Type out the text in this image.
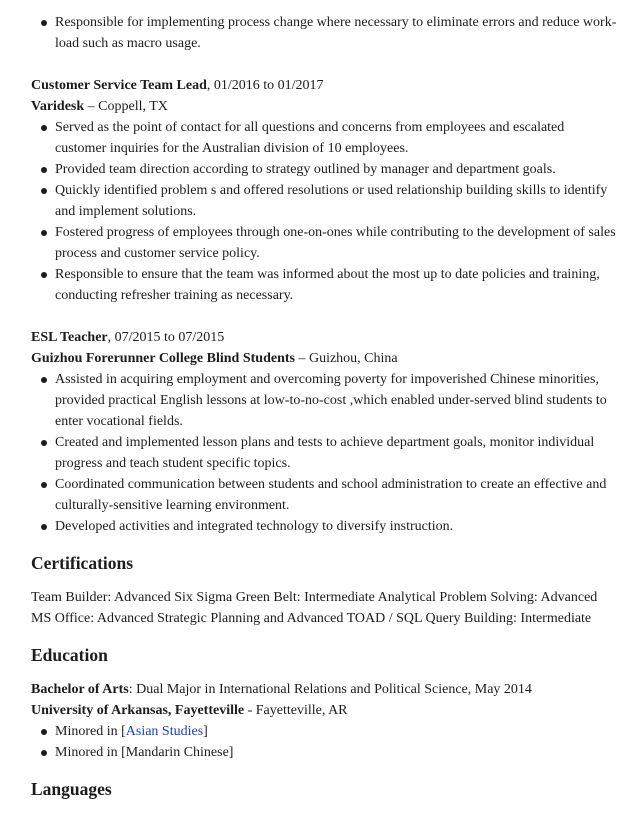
Responsible for implementing process change where necessary to eliminate errors and reduce work-load such as macro usage.
Customer Service Team Lead, 01/2016 to 01/2017
Varidesk – Coppell, TX
Served as the point of contact for all questions and concerns from employees and escalated customer inquiries for the Australian division of 10 employees.
Provided team direction according to strategy outlined by manager and department goals.
Quickly identified problem s and offered resolutions or used relationship building skills to identify and implement solutions.
Fostered progress of employees through one-on-ones while contributing to the development of sales process and customer service policy.
Responsible to ensure that the team was informed about the most up to date policies and training, conducting refresher training as necessary.
ESL Teacher, 07/2015 to 07/2015
Guizhou Forerunner College Blind Students – Guizhou, China
Assisted in acquiring employment and overcoming poverty for impoverished Chinese minorities, provided practical English lessons at low-to-no-cost ,which enabled under-served blind students to enter vocational fields.
Created and implemented lesson plans and tests to achieve department goals, monitor individual progress and teach student specific topics.
Coordinated communication between students and school administration to create an effective and culturally-sensitive learning environment.
Developed activities and integrated technology to diversify instruction.
Certifications
Team Builder: Advanced Six Sigma Green Belt: Intermediate Analytical Problem Solving: Advanced MS Office: Advanced Strategic Planning and Advanced TOAD / SQL Query Building: Intermediate
Education
Bachelor of Arts: Dual Major in International Relations and Political Science, May 2014
University of Arkansas, Fayetteville - Fayetteville, AR
Minored in [Asian Studies]
Minored in [Mandarin Chinese]
Languages
